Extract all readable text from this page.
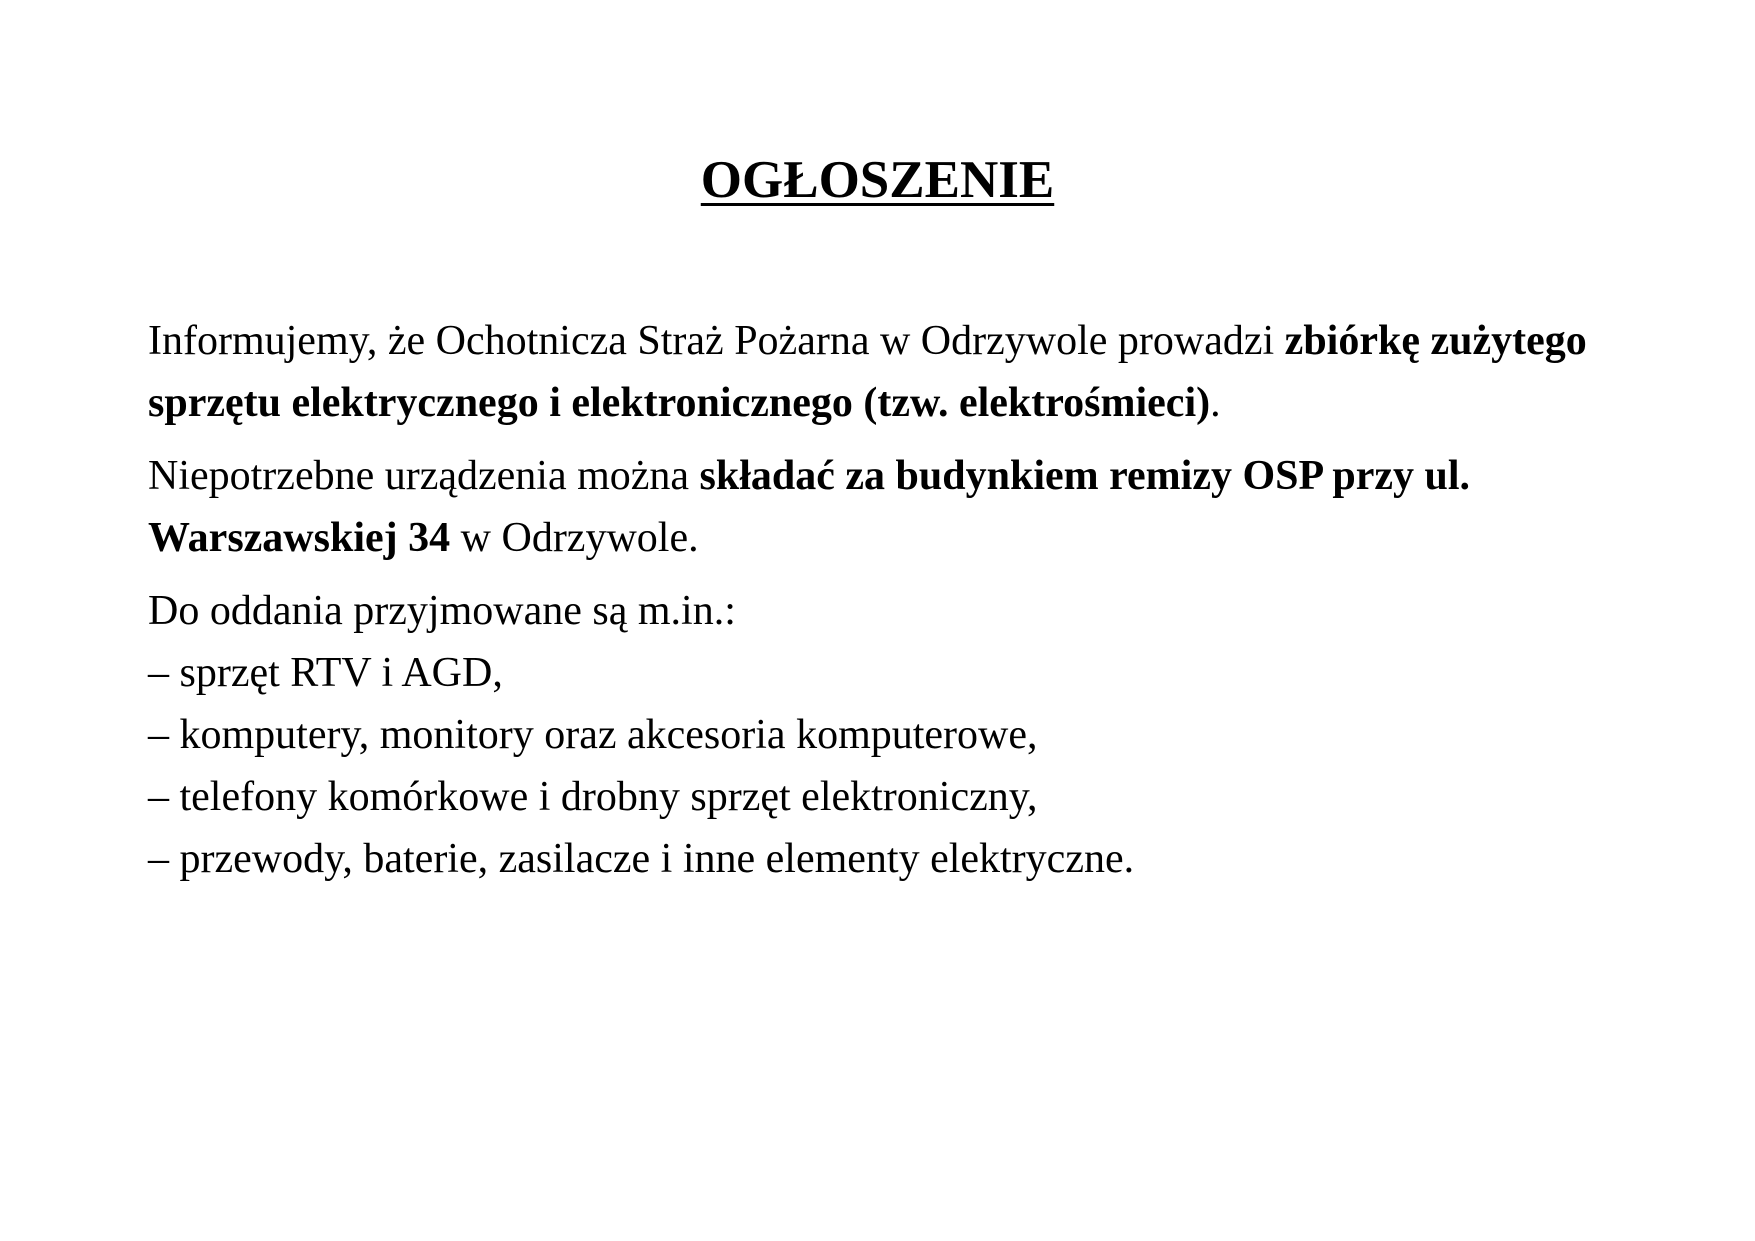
OGŁOSZENIE

Informujemy, że Ochotnicza Straż Pożarna w Odrzywole prowadzi zbiórkę zużytego sprzętu elektrycznego i elektronicznego (tzw. elektrośmieci).

Niepotrzebne urządzenia można składać za budynkiem remizy OSP przy ul. Warszawskiej 34 w Odrzywole.

Do oddania przyjmowane są m.in.:
– sprzęt RTV i AGD,
– komputery, monitory oraz akcesoria komputerowe,
– telefony komórkowe i drobny sprzęt elektroniczny,
– przewody, baterie, zasilacze i inne elementy elektryczne.
